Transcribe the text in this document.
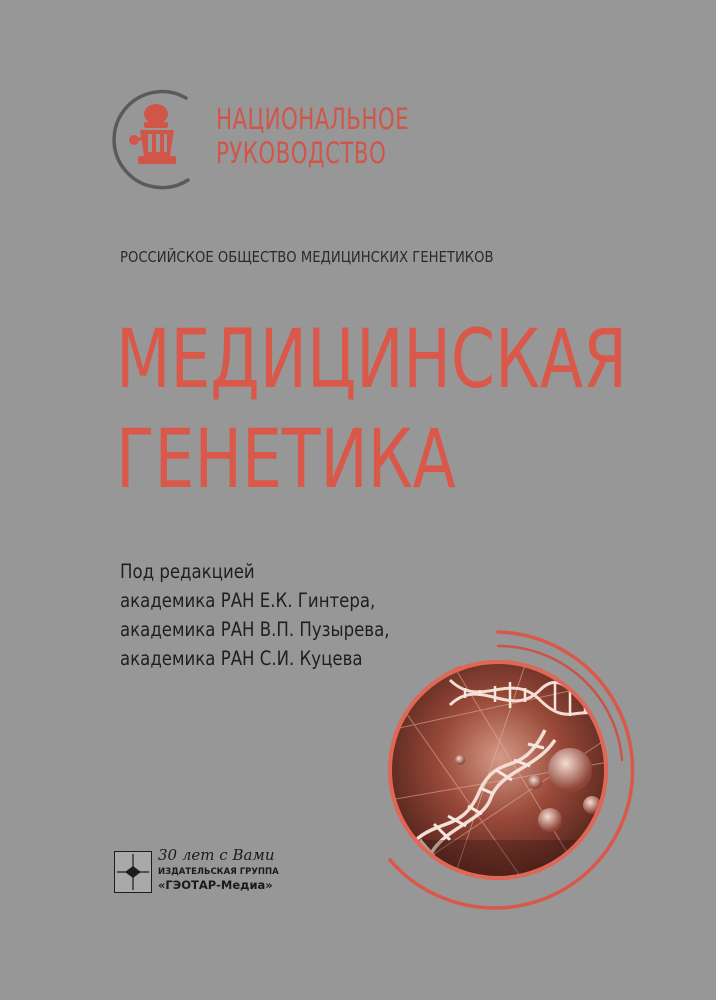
НАЦИОНАЛЬНОЕ
РУКОВОДСТВО
РОССИЙСКОЕ ОБЩЕСТВО МЕДИЦИНСКИХ ГЕНЕТИКОВ
МЕДИЦИНСКАЯ
ГЕНЕТИКА
Под редакцией
академика РАН Е.К. Гинтера,
академика РАН В.П. Пузырева,
академика РАН С.И. Куцева
30 лет с Вами
ИЗДАТЕЛЬСКАЯ ГРУППА
«ГЭОТАР-Медиа»
